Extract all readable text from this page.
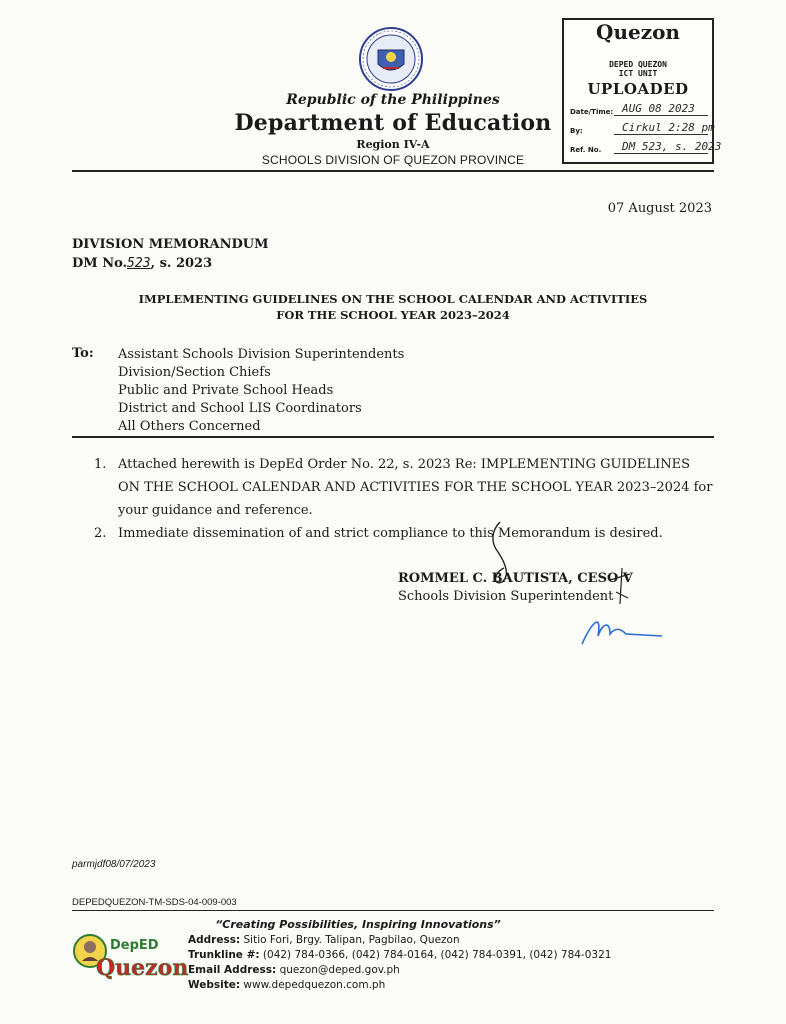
Republic of the Philippines
Department of Education
Region IV-A
SCHOOLS DIVISION OF QUEZON PROVINCE
Quezon
DEPED QUEZON
ICT UNIT
UPLOADED
Date/Time: AUG 08 2023
By:	Cirkul 2:28 pm
Ref. No.	DM 523, s. 2023
07 August 2023
DIVISION MEMORANDUM
DM No.523, s. 2023
IMPLEMENTING GUIDELINES ON THE SCHOOL CALENDAR AND ACTIVITIES
FOR THE SCHOOL YEAR 2023–2024
To: Assistant Schools Division Superintendents
Division/Section Chiefs
Public and Private School Heads
District and School LIS Coordinators
All Others Concerned
1. Attached herewith is DepEd Order No. 22, s. 2023 Re: IMPLEMENTING GUIDELINES ON THE SCHOOL CALENDAR AND ACTIVITIES FOR THE SCHOOL YEAR 2023–2024 for your guidance and reference.
2. Immediate dissemination of and strict compliance to this Memorandum is desired.
ROMMEL C. BAUTISTA, CESO V
Schools Division Superintendent
parmjdf08/07/2023
DEPEDQUEZON-TM-SDS-04-009-003
“Creating Possibilities, Inspiring Innovations”
DepED
Quezon
Address: Sitio Fori, Brgy. Talipan, Pagbilao, Quezon
Trunkline #: (042) 784-0366, (042) 784-0164, (042) 784-0391, (042) 784-0321
Email Address: quezon@deped.gov.ph
Website: www.depedquezon.com.ph
